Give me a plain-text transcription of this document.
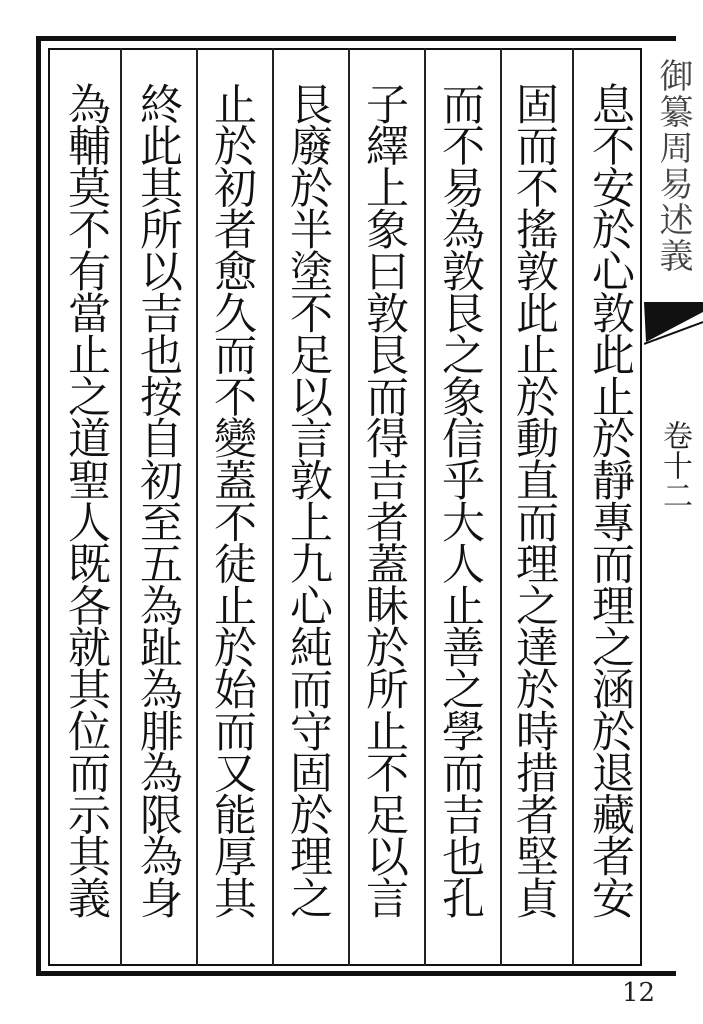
息不安於心敦此止於靜專而理之涵於退藏者安
固而不搖敦此止於動直而理之達於時措者堅貞
而不易為敦艮之象信乎大人止善之學而吉也孔
子繹上象曰敦艮而得吉者蓋眛於所止不足以言
艮廢於半塗不足以言敦上九心純而守固於理之
止於初者愈久而不變蓋不徒止於始而又能厚其
終此其所以吉也按自初至五為趾為腓為限為身
為輔莫不有當止之道聖人既各就其位而示其義	御纂周易述義
卷十二
12
